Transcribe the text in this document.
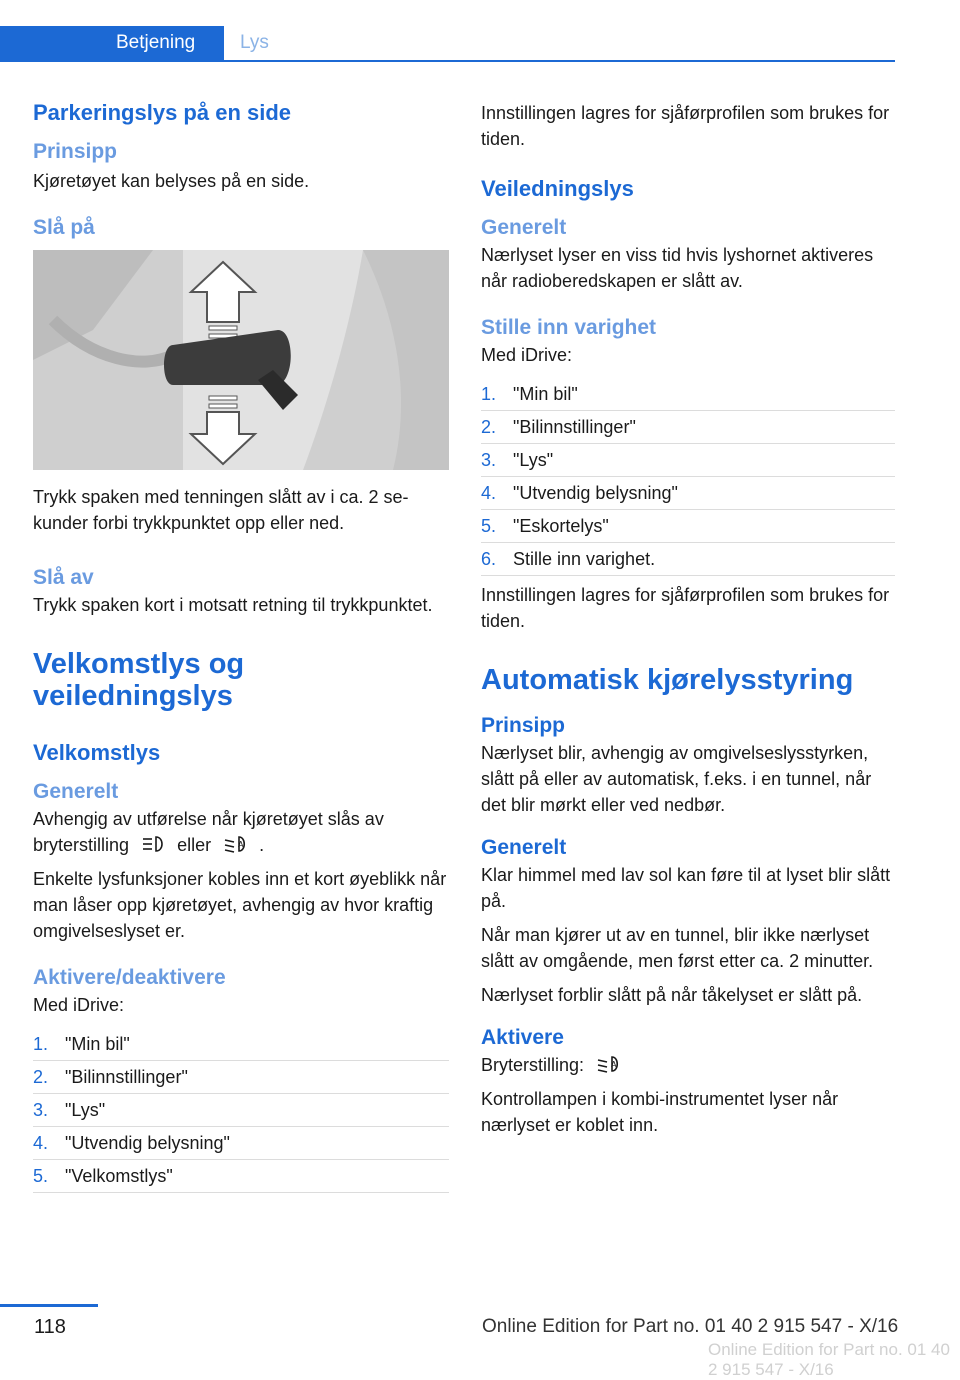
Betjening	Lys
Parkeringslys på en side
Prinsipp

Kjøretøyet kan belyses på en side.

Slå på

Trykk spaken med tenningen slått av i ca. 2 sekunder forbi trykkpunktet opp eller ned.

Slå av

Trykk spaken kort i motsatt retning til trykkpunktet.

Velkomstlys og veiledningslys
Velkomstlys
Generelt

Avhengig av utførelse når kjøretøyet slås av bryterstilling	eller	A .

Enkelte lysfunksjoner kobles inn et kort øyeblikk når man låser opp kjøretøyet, avhengig av hvor kraftig omgivelseslyset er.

Aktivere/deaktivere

Med iDrive:

1. "Min bil"
2. "Bilinnstillinger"
3. "Lys"
4. "Utvendig belysning"
5. "Velkomstlys"

Innstillingen lagres for sjåførprofilen som brukes for tiden.

Veiledningslys
Generelt

Nærlyset lyser en viss tid hvis lyshornet aktiveres når radioberedskapen er slått av.

Stille inn varighet

Med iDrive:

1. "Min bil"
2. "Bilinnstillinger"
3. "Lys"
4. "Utvendig belysning"
5. "Eskortelys"
6. Stille inn varighet.

Innstillingen lagres for sjåførprofilen som brukes for tiden.

Automatisk kjørelysstyring
Prinsipp

Nærlyset blir, avhengig av omgivelseslysstyrken, slått på eller av automatisk, f.eks. i en tunnel, når det blir mørkt eller ved nedbør.

Generelt

Klar himmel med lav sol kan føre til at lyset blir slått på.

Når man kjører ut av en tunnel, blir ikke nærlyset slått av omgående, men først etter ca. 2 minutter.

Nærlyset forblir slått på når tåkelyset er slått på.

Aktivere

Bryterstilling:	A

Kontrollampen i kombi-instrumentet lyser når nærlyset er koblet inn.

118	Online Edition for Part no. 01 40 2 915 547 - X/16
Online Edition for Part no. 01 40 2 915 547 - X/16
